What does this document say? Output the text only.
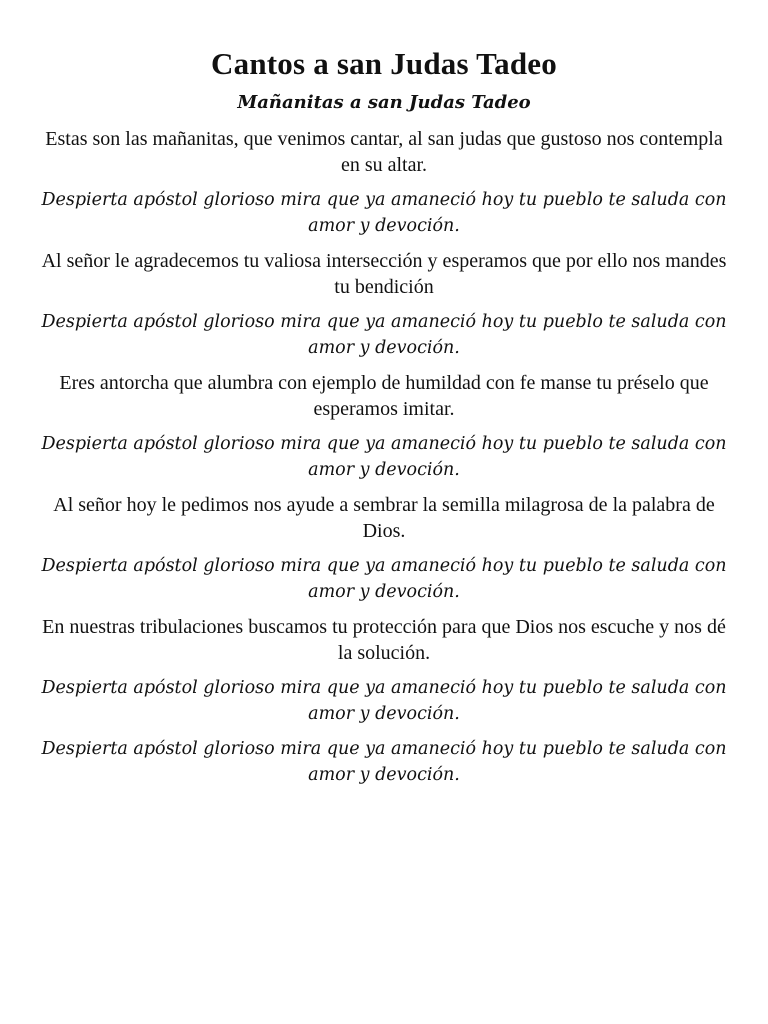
Cantos a san Judas Tadeo
Mañanitas a san Judas Tadeo

Estas son las mañanitas, que venimos cantar, al san judas que gustoso nos contempla en su altar.

Despierta apóstol glorioso mira que ya amaneció hoy tu pueblo te saluda con amor y devoción.

Al señor le agradecemos tu valiosa intersección y esperamos que por ello nos mandes tu bendición

Despierta apóstol glorioso mira que ya amaneció hoy tu pueblo te saluda con amor y devoción.

Eres antorcha que alumbra con ejemplo de humildad con fe manse tu préselo que esperamos imitar.

Despierta apóstol glorioso mira que ya amaneció hoy tu pueblo te saluda con amor y devoción.

Al señor hoy le pedimos nos ayude a sembrar la semilla milagrosa de la palabra de Dios.

Despierta apóstol glorioso mira que ya amaneció hoy tu pueblo te saluda con amor y devoción.

En nuestras tribulaciones buscamos tu protección para que Dios nos escuche y nos dé la solución.

Despierta apóstol glorioso mira que ya amaneció hoy tu pueblo te saluda con amor y devoción.

Despierta apóstol glorioso mira que ya amaneció hoy tu pueblo te saluda con amor y devoción.
